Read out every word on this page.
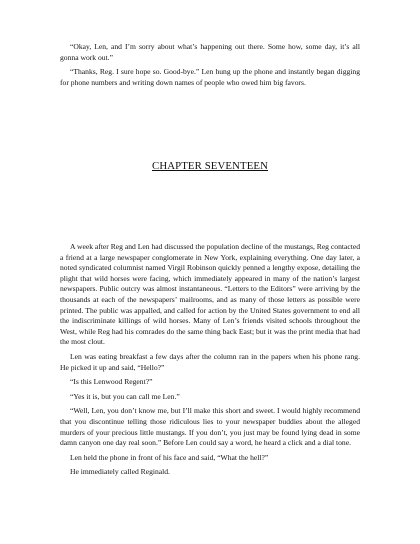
“Okay, Len, and I’m sorry about what’s happening out there. Some how, some day, it’s all gonna work out.”

“Thanks, Reg. I sure hope so. Good-bye.” Len hung up the phone and instantly began digging for phone numbers and writing down names of people who owed him big favors.

CHAPTER SEVENTEEN

A week after Reg and Len had discussed the population decline of the mustangs, Reg contacted a friend at a large newspaper conglomerate in New York, explaining everything. One day later, a noted syndicated columnist named Virgil Robinson quickly penned a lengthy expose, detailing the plight that wild horses were facing, which immediately appeared in many of the nation’s largest newspapers. Public outcry was almost instantaneous. “Letters to the Editors” were arriving by the thousands at each of the newspapers’ mailrooms, and as many of those letters as possible were printed. The public was appalled, and called for action by the United States government to end all the indiscriminate killings of wild horses. Many of Len’s friends visited schools throughout the West, while Reg had his comrades do the same thing back East; but it was the print media that had the most clout.

Len was eating breakfast a few days after the column ran in the papers when his phone rang. He picked it up and said, “Hello?”

“Is this Lenwood Regent?”

“Yes it is, but you can call me Len.”

“Well, Len, you don’t know me, but I’ll make this short and sweet. I would highly recommend that you discontinue telling those ridiculous lies to your newspaper buddies about the alleged murders of your precious little mustangs. If you don’t, you just may be found lying dead in some damn canyon one day real soon.” Before Len could say a word, he heard a click and a dial tone.

Len held the phone in front of his face and said, “What the hell?”

He immediately called Reginald.
